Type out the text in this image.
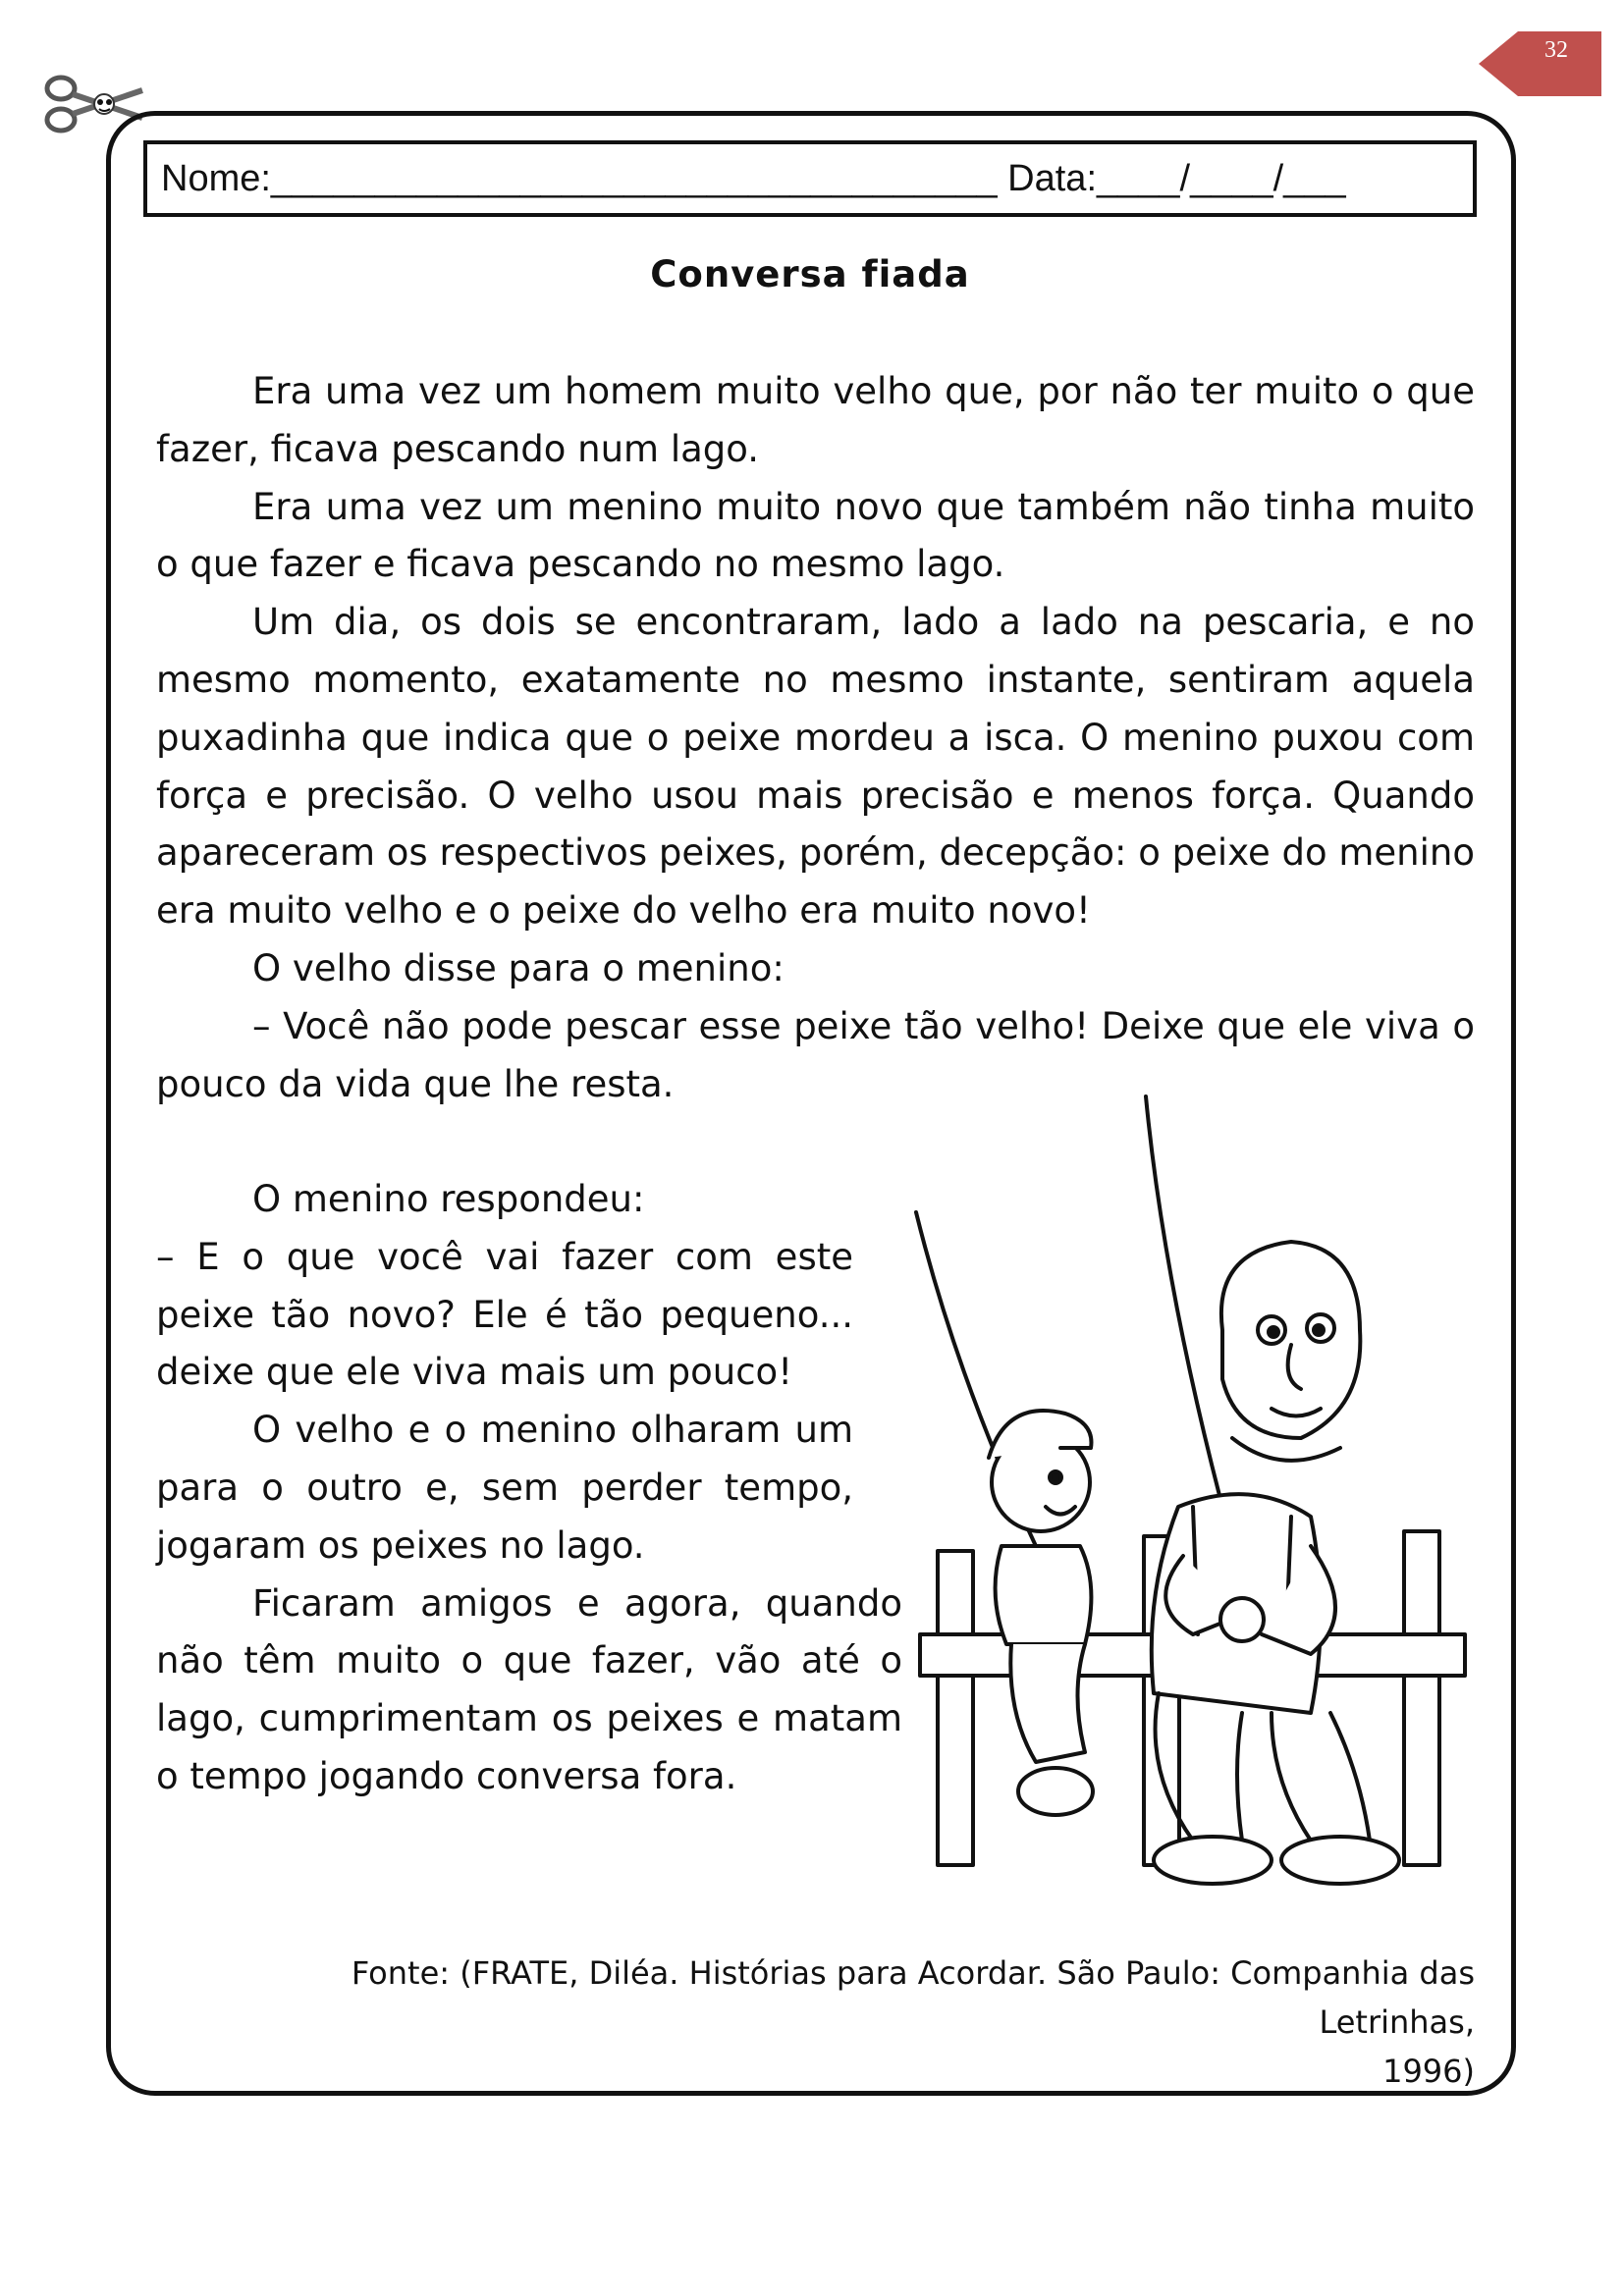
32
Nome:___________________________________ Data:____/____/___
Conversa fiada

Era uma vez um homem muito velho que, por não ter muito o que fazer, ficava pescando num lago.

Era uma vez um menino muito novo que também não tinha muito o que fazer e ficava pescando no mesmo lago.

Um dia, os dois se encontraram, lado a lado na pescaria, e no mesmo momento, exatamente no mesmo instante, sentiram aquela puxadinha que indica que o peixe mordeu a isca. O menino puxou com força e precisão. O velho usou mais precisão e menos força. Quando apareceram os respectivos peixes, porém, decepção: o peixe do menino era muito velho e o peixe do velho era muito novo!

O velho disse para o menino:

– Você não pode pescar esse peixe tão velho! Deixe que ele viva o pouco da vida que lhe resta.

O menino respondeu:

– E o que você vai fazer com este peixe tão novo? Ele é tão pequeno... deixe que ele viva mais um pouco!

O velho e o menino olharam um para o outro e, sem perder tempo, jogaram os peixes no lago.

Ficaram amigos e agora, quando não têm muito o que fazer, vão até o lago, cumprimentam os peixes e matam o tempo jogando conversa fora.

Fonte: (FRATE, Diléa. Histórias para Acordar. São Paulo: Companhia das Letrinhas,
1996)
